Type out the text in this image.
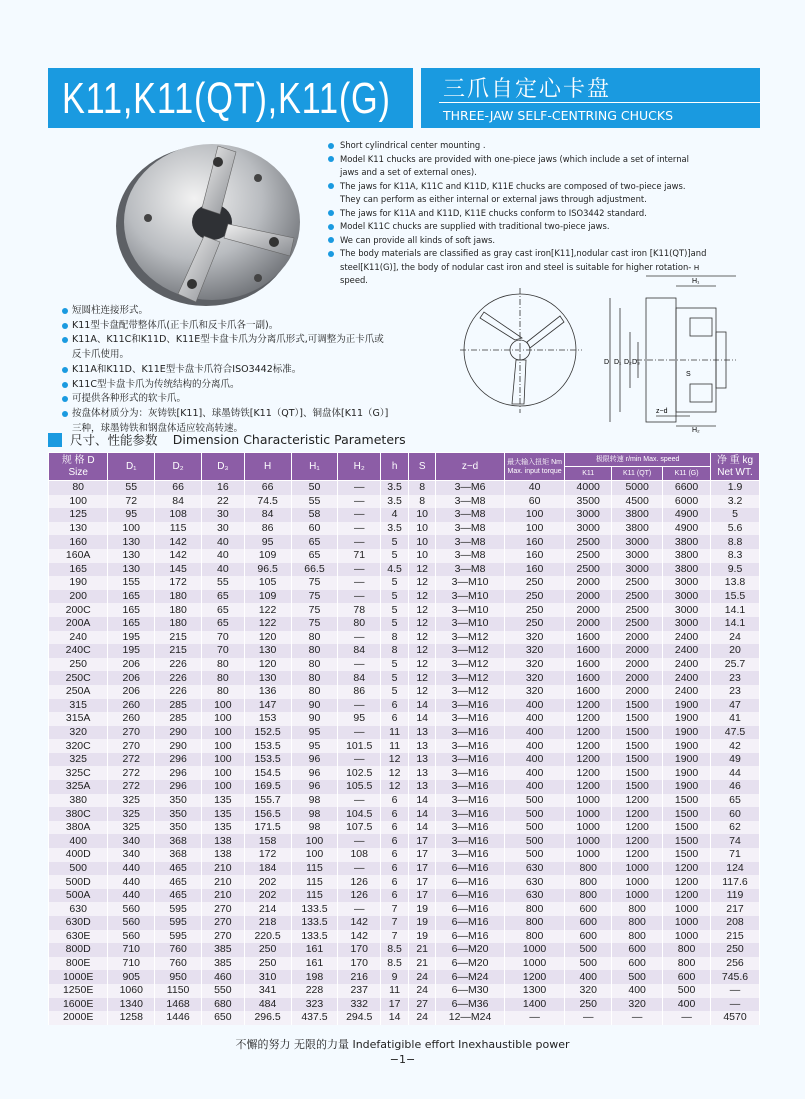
K11,K11(QT),K11(G) 三爪自定心卡盘
THREE-JAW SELF-CENTRING CHUCKS
Short cylindrical center mounting .
Model K11 chucks are provided with one-piece jaws (which include a set of internal jaws and a set of external ones).
The jaws for K11A, K11C and K11D, K11E chucks are composed of two-piece jaws. They can perform as either internal or external jaws through adjustment.
The jaws for K11A and K11D, K11E chucks conform to ISO3442 standard.
Model K11C chucks are supplied with traditional two-piece jaws.
We can provide all kinds of soft jaws.
The body materials are classified as gray cast iron[K11],nodular cast iron [K11(QT)]and steel[K11(G)], the body of nodular cast iron and steel is suitable for higher rotation-speed.
短圆柱连接形式。
K11型卡盘配带整体爪(正卡爪和反卡爪各一副)。
K11A、K11C和K11D、K11E型卡盘卡爪为分离爪形式,可调整为正卡爪或反卡爪使用。
K11A和K11D、K11E型卡盘卡爪符合ISO3442标准。
K11C型卡盘卡爪为传统结构的分离爪。
可提供各种形式的软卡爪。
按盘体材质分为：灰铸铁[K11]、球墨铸铁[K11（QT）]、铜盘体[K11（G）]三种，球墨铸铁和钢盘体适应较高转速。
H
H₁
H₂
D D₁ D₂ D₃
S
z−d
尺寸、性能参数 Dimension Characteristic Parameters
规 格 D
Size	D₁	D₂	D₃	H	H₁	H₂	h	S	z−d	最大输入扭矩 Nm
Max. input torque	极限转速 r/min Max. speed			净 重 kg
Net WT.
											K11	K11 (QT)	K11 (G)	
80	55	66	16	66	50	—	3.5	8	3—M6	40	4000	5000	6600	1.9
100	72	84	22	74.5	55	—	3.5	8	3—M8	60	3500	4500	6000	3.2
125	95	108	30	84	58	—	4	10	3—M8	100	3000	3800	4900	5
130	100	115	30	86	60	—	3.5	10	3—M8	100	3000	3800	4900	5.6
160	130	142	40	95	65	—	5	10	3—M8	160	2500	3000	3800	8.8
160A	130	142	40	109	65	71	5	10	3—M8	160	2500	3000	3800	8.3
165	130	145	40	96.5	66.5	—	4.5	12	3—M8	160	2500	3000	3800	9.5
190	155	172	55	105	75	—	5	12	3—M10	250	2000	2500	3000	13.8
200	165	180	65	109	75	—	5	12	3—M10	250	2000	2500	3000	15.5
200C	165	180	65	122	75	78	5	12	3—M10	250	2000	2500	3000	14.1
200A	165	180	65	122	75	80	5	12	3—M10	250	2000	2500	3000	14.1
240	195	215	70	120	80	—	8	12	3—M12	320	1600	2000	2400	24
240C	195	215	70	130	80	84	8	12	3—M12	320	1600	2000	2400	20
250	206	226	80	120	80	—	5	12	3—M12	320	1600	2000	2400	25.7
250C	206	226	80	130	80	84	5	12	3—M12	320	1600	2000	2400	23
250A	206	226	80	136	80	86	5	12	3—M12	320	1600	2000	2400	23
315	260	285	100	147	90	—	6	14	3—M16	400	1200	1500	1900	47
315A	260	285	100	153	90	95	6	14	3—M16	400	1200	1500	1900	41
320	270	290	100	152.5	95	—	11	13	3—M16	400	1200	1500	1900	47.5
320C	270	290	100	153.5	95	101.5	11	13	3—M16	400	1200	1500	1900	42
325	272	296	100	153.5	96	—	12	13	3—M16	400	1200	1500	1900	49
325C	272	296	100	154.5	96	102.5	12	13	3—M16	400	1200	1500	1900	44
325A	272	296	100	169.5	96	105.5	12	13	3—M16	400	1200	1500	1900	46
380	325	350	135	155.7	98	—	6	14	3—M16	500	1000	1200	1500	65
380C	325	350	135	156.5	98	104.5	6	14	3—M16	500	1000	1200	1500	60
380A	325	350	135	171.5	98	107.5	6	14	3—M16	500	1000	1200	1500	62
400	340	368	138	158	100	—	6	17	3—M16	500	1000	1200	1500	74
400D	340	368	138	172	100	108	6	17	3—M16	500	1000	1200	1500	71
500	440	465	210	184	115	—	6	17	6—M16	630	800	1000	1200	124
500D	440	465	210	202	115	126	6	17	6—M16	630	800	1000	1200	117.6
500A	440	465	210	202	115	126	6	17	6—M16	630	800	1000	1200	119
630	560	595	270	214	133.5	—	7	19	6—M16	800	600	800	1000	217
630D	560	595	270	218	133.5	142	7	19	6—M16	800	600	800	1000	208
630E	560	595	270	220.5	133.5	142	7	19	6—M16	800	600	800	1000	215
800D	710	760	385	250	161	170	8.5	21	6—M20	1000	500	600	800	250
800E	710	760	385	250	161	170	8.5	21	6—M20	1000	500	600	800	256
1000E	905	950	460	310	198	216	9	24	6—M24	1200	400	500	600	745.6
1250E	1060	1150	550	341	228	237	11	24	6—M30	1300	320	400	500	—
1600E	1340	1468	680	484	323	332	17	27	6—M36	1400	250	320	400	—
2000E	1258	1446	650	296.5	437.5	294.5	14	24	12—M24	—	—	—	—	4570
不懈的努力 无限的力量 Indefatigible effort Inexhaustible power
−1−
